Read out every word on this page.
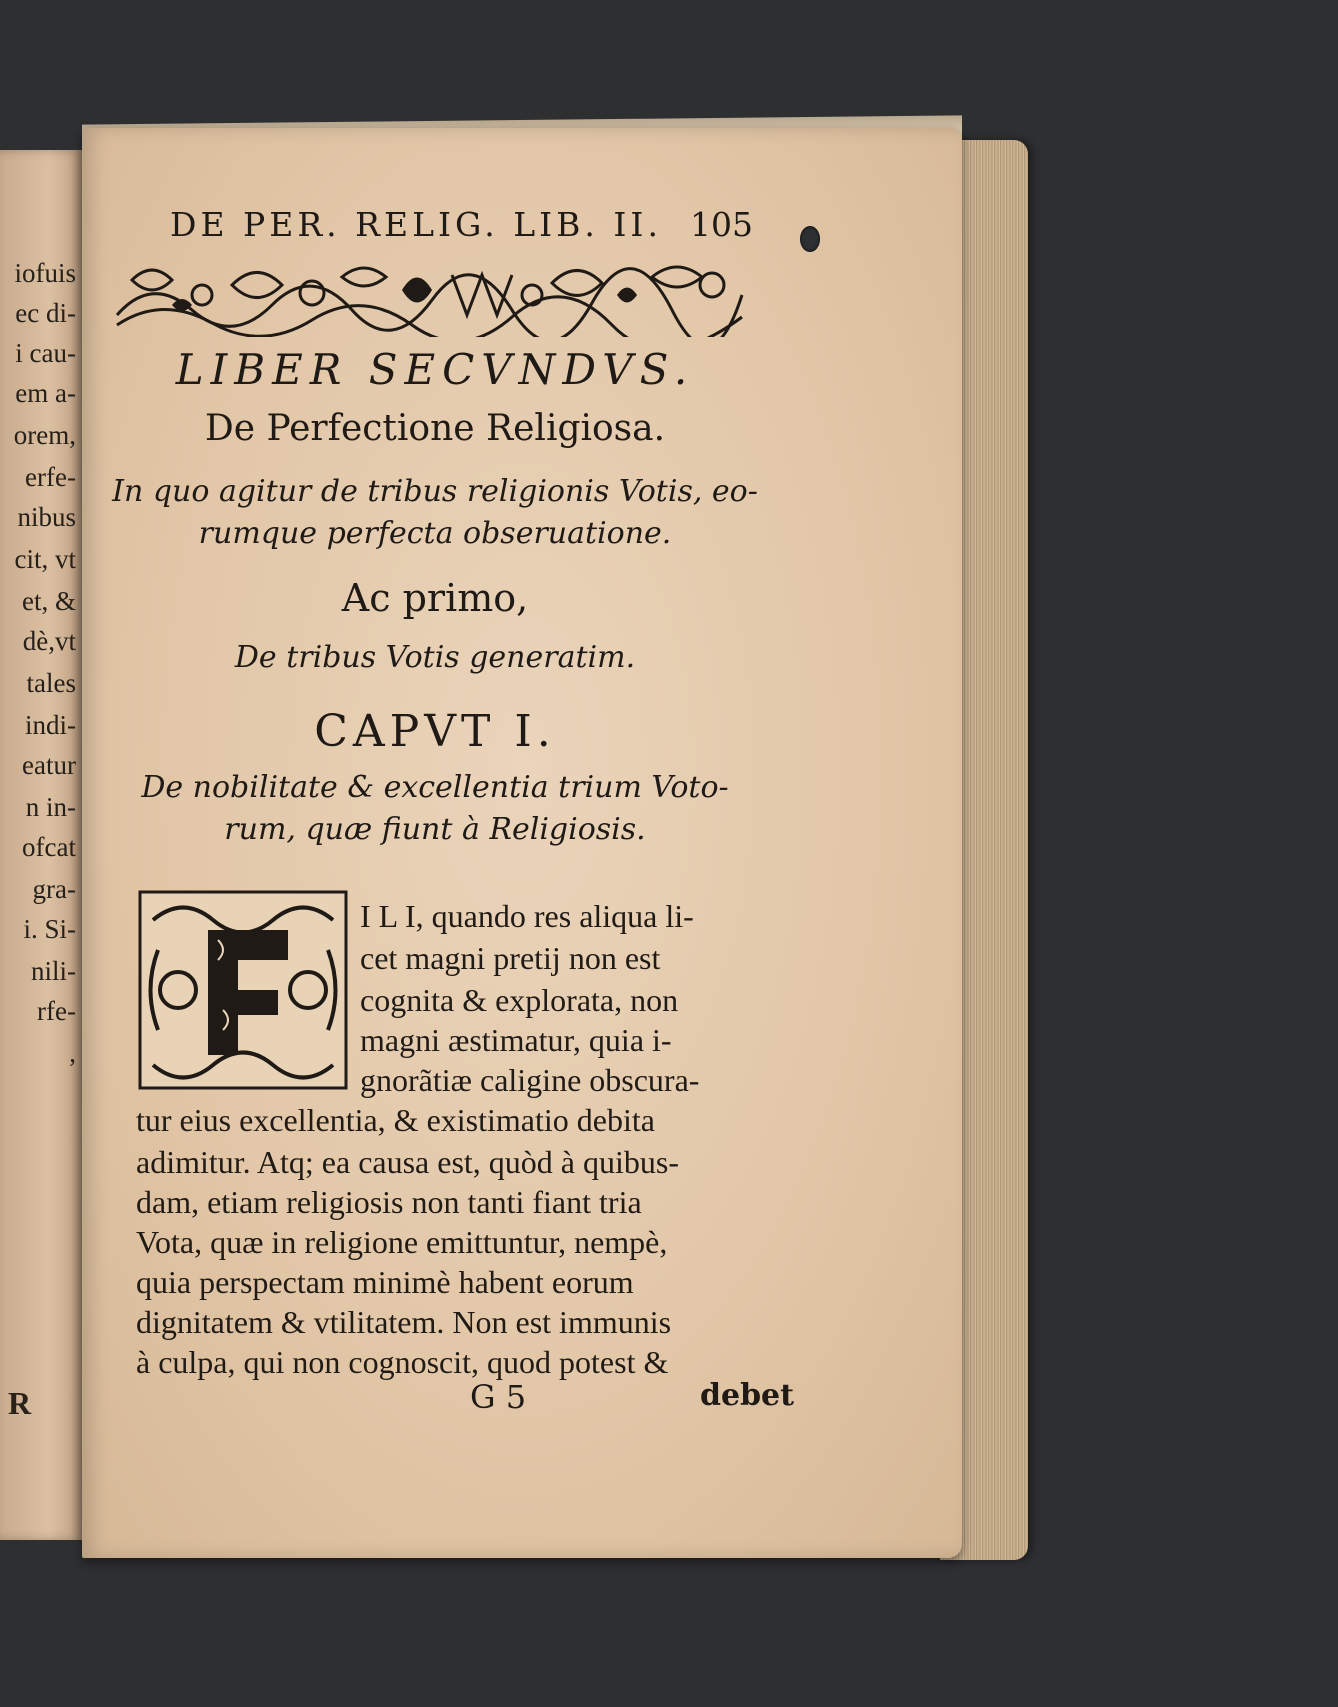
iofuis
ec di-
i cau-
em a-
orem,
erfe-
nibus
cit, vt
et, &
dè,vt
tales
indi-
eatur
n in-
ofcat
gra-
i. Si-
nili-
rfe-
,
R
DE PER. RELIG. LIB. II. 105
LIBER SECVNDVS.
De Perfectione Religiosa.
In quo agitur de tribus religionis Votis, eo-
rumque perfecta obseruatione.
Ac primo,
De tribus Votis generatim.
CAPVT I.
De nobilitate & excellentia trium Voto-
rum, quæ fiunt à Religiosis.
I L I, quando res aliqua li-
cet magni pretij non est
cognita & explorata, non
magni æstimatur, quia i-
gnorãtiæ caligine obscura-
tur eius excellentia, & existimatio debita
adimitur. Atq; ea causa est, quòd à quibus-
dam, etiam religiosis non tanti fiant tria
Vota, quæ in religione emittuntur, nempè,
quia perspectam minimè habent eorum
dignitatem & vtilitatem. Non est immunis
à culpa, qui non cognoscit, quod potest &
G 5	debet
